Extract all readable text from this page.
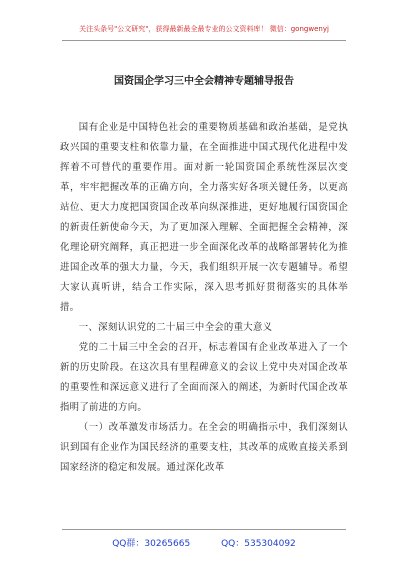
关注头条号"公文研究"，获得最新最全最专业的公文资料库！ 微信：gongwenyj
国资国企学习三中全会精神专题辅导报告

国有企业是中国特色社会的重要物质基础和政治基础，是党执政兴国的重要支柱和依靠力量，在全面推进中国式现代化进程中发挥着不可替代的重要作用。面对新一轮国资国企系统性深层次变革，牢牢把握改革的正确方向，全力落实好各项关键任务，以更高站位、更大力度把国资国企改革向纵深推进，更好地履行国资国企的新责任新使命今天，为了更加深入理解、全面把握全会精神，深化理论研究阐释，真正把进一步全面深化改革的战略部署转化为推进国企改革的强大力量，今天，我们组织开展一次专题辅导。希望大家认真听讲，结合工作实际，深入思考抓好贯彻落实的具体举措。

一、深刻认识党的二十届三中全会的重大意义

党的二十届三中全会的召开，标志着国有企业改革进入了一个新的历史阶段。在这次具有里程碑意义的会议上党中央对国企改革的重要性和深远意义进行了全面而深入的阐述，为新时代国企改革指明了前进的方向。

（一）改革激发市场活力。在全会的明确指示中，我们深刻认识到国有企业作为国民经济的重要支柱，其改革的成败直接关系到国家经济的稳定和发展。通过深化改革

QQ群：30265665	QQ：535304092
